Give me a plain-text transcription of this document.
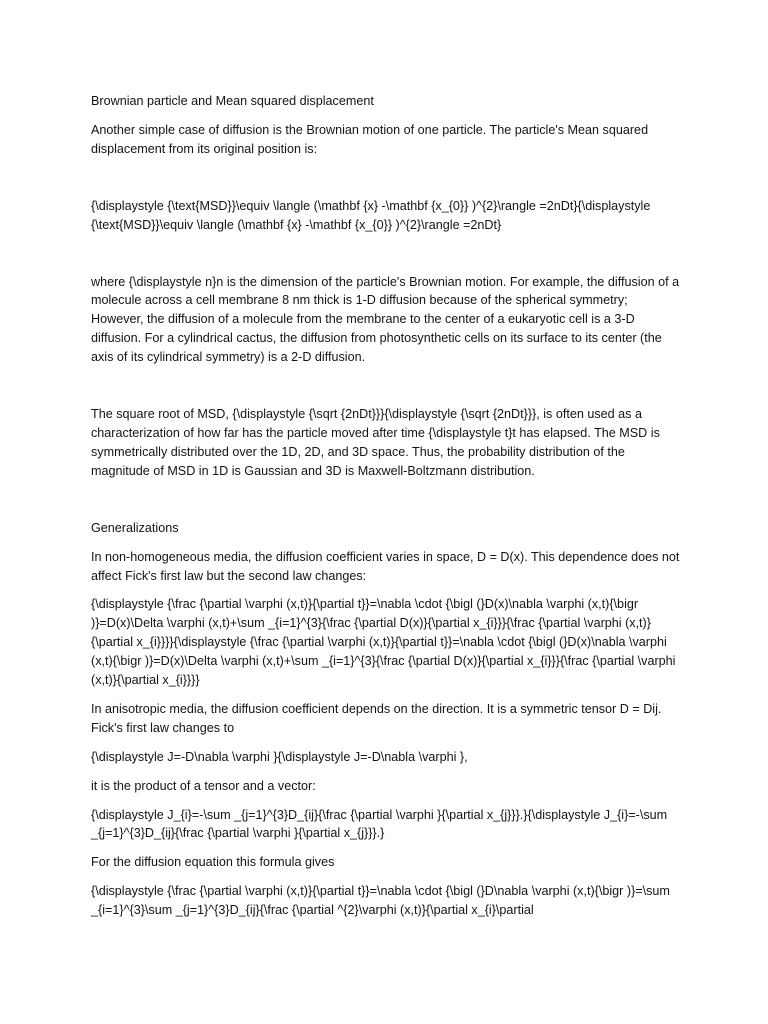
Brownian particle and Mean squared displacement

Another simple case of diffusion is the Brownian motion of one particle. The particle's Mean squared displacement from its original position is:

{\displaystyle {\text{MSD}}\equiv \langle (\mathbf {x} -\mathbf {x_{0}} )^{2}\rangle =2nDt}{\displaystyle {\text{MSD}}\equiv \langle (\mathbf {x} -\mathbf {x_{0}} )^{2}\rangle =2nDt}

where {\displaystyle n}n is the dimension of the particle's Brownian motion. For example, the diffusion of a molecule across a cell membrane 8 nm thick is 1-D diffusion because of the spherical symmetry; However, the diffusion of a molecule from the membrane to the center of a eukaryotic cell is a 3-D diffusion. For a cylindrical cactus, the diffusion from photosynthetic cells on its surface to its center (the axis of its cylindrical symmetry) is a 2-D diffusion.

The square root of MSD, {\displaystyle {\sqrt {2nDt}}}{\displaystyle {\sqrt {2nDt}}}, is often used as a characterization of how far has the particle moved after time {\displaystyle t}t has elapsed. The MSD is symmetrically distributed over the 1D, 2D, and 3D space. Thus, the probability distribution of the magnitude of MSD in 1D is Gaussian and 3D is Maxwell-Boltzmann distribution.

Generalizations

In non-homogeneous media, the diffusion coefficient varies in space, D = D(x). This dependence does not affect Fick's first law but the second law changes:

{\displaystyle {\frac {\partial \varphi (x,t)}{\partial t}}=\nabla \cdot {\bigl (}D(x)\nabla \varphi (x,t){\bigr )}=D(x)\Delta \varphi (x,t)+\sum _{i=1}^{3}{\frac {\partial D(x)}{\partial x_{i}}}{\frac {\partial \varphi (x,t)}{\partial x_{i}}}}{\displaystyle {\frac {\partial \varphi (x,t)}{\partial t}}=\nabla \cdot {\bigl (}D(x)\nabla \varphi (x,t){\bigr )}=D(x)\Delta \varphi (x,t)+\sum _{i=1}^{3}{\frac {\partial D(x)}{\partial x_{i}}}{\frac {\partial \varphi (x,t)}{\partial x_{i}}}}

In anisotropic media, the diffusion coefficient depends on the direction. It is a symmetric tensor D = Dij. Fick's first law changes to

{\displaystyle J=-D\nabla \varphi }{\displaystyle J=-D\nabla \varphi },

it is the product of a tensor and a vector:

{\displaystyle J_{i}=-\sum _{j=1}^{3}D_{ij}{\frac {\partial \varphi }{\partial x_{j}}}.}{\displaystyle J_{i}=-\sum _{j=1}^{3}D_{ij}{\frac {\partial \varphi }{\partial x_{j}}}.}

For the diffusion equation this formula gives

{\displaystyle {\frac {\partial \varphi (x,t)}{\partial t}}=\nabla \cdot {\bigl (}D\nabla \varphi (x,t){\bigr )}=\sum _{i=1}^{3}\sum _{j=1}^{3}D_{ij}{\frac {\partial ^{2}\varphi (x,t)}{\partial x_{i}\partial
